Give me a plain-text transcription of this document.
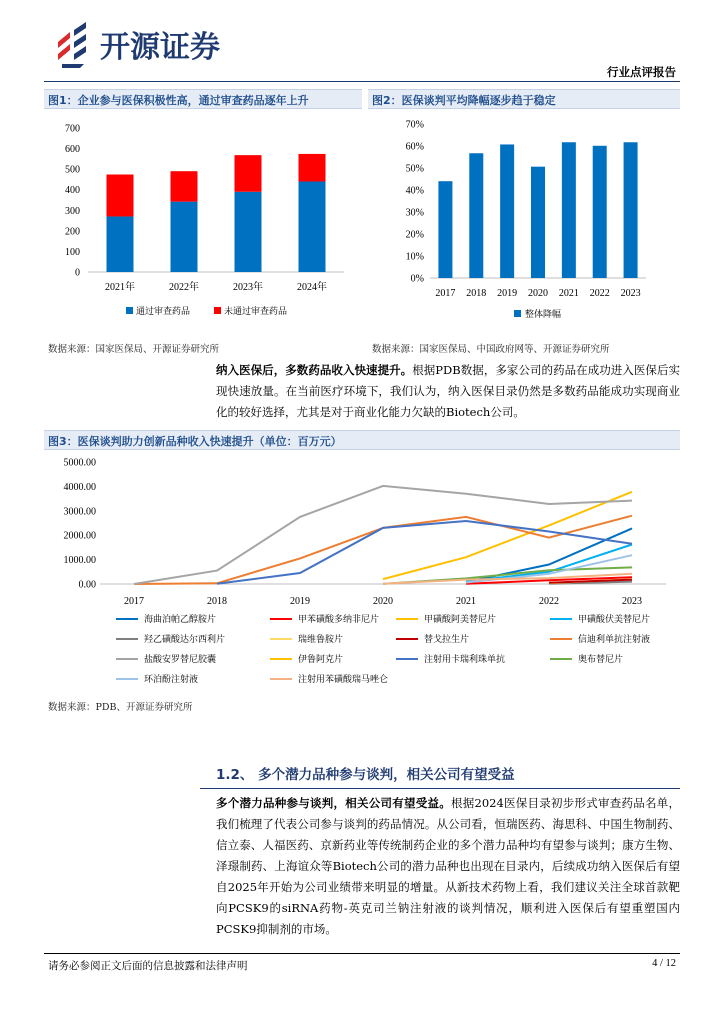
开源证券
行业点评报告
图1：企业参与医保积极性高，通过审查药品逐年上升
0
100
200
300
400
500
600
700
2021年	2022年	2023年	2024年
通过审查药品	未通过审查药品
数据来源：国家医保局、开源证券研究所
图2：医保谈判平均降幅逐步趋于稳定
0%
10%
20%
30%
40%
50%
60%
70%
2017 2018 2019 2020 2021 2022 2023
整体降幅
数据来源：国家医保局、中国政府网等、开源证券研究所
纳入医保后，多数药品收入快速提升。根据PDB数据，多家公司的药品在成功进入医保后实现快速放量。在当前医疗环境下，我们认为，纳入医保目录仍然是多数药品能成功实现商业化的较好选择，尤其是对于商业化能力欠缺的Biotech公司。
图3：医保谈判助力创新品种收入快速提升（单位：百万元）
0.00
1000.00
2000.00
3000.00
4000.00
5000.00
2017	2018	2019	2020	2021	2022	2023
海曲泊帕乙醇胺片	甲苯磺酸多纳非尼片	甲磺酸阿美替尼片	甲磺酸伏美替尼片
羟乙磺酸达尔西利片	瑞维鲁胺片	替戈拉生片	信迪利单抗注射液
盐酸安罗替尼胶囊	伊鲁阿克片	注射用卡瑞利珠单抗	奥布替尼片
环泊酚注射液	注射用苯磺酸瑞马唑仑
数据来源：PDB、开源证券研究所
1.2、 多个潜力品种参与谈判，相关公司有望受益
多个潜力品种参与谈判，相关公司有望受益。根据2024医保目录初步形式审查药品名单，我们梳理了代表公司参与谈判的药品情况。从公司看，恒瑞医药、海思科、中国生物制药、信立泰、人福医药、京新药业等传统制药企业的多个潜力品种均有望参与谈判；康方生物、泽璟制药、上海谊众等Biotech公司的潜力品种也出现在目录内，后续成功纳入医保后有望自2025年开始为公司业绩带来明显的增量。从新技术药物上看，我们建议关注全球首款靶向PCSK9的siRNA药物-英克司兰钠注射液的谈判情况，顺利进入医保后有望重塑国内PCSK9抑制剂的市场。
请务必参阅正文后面的信息披露和法律声明	4 / 12
